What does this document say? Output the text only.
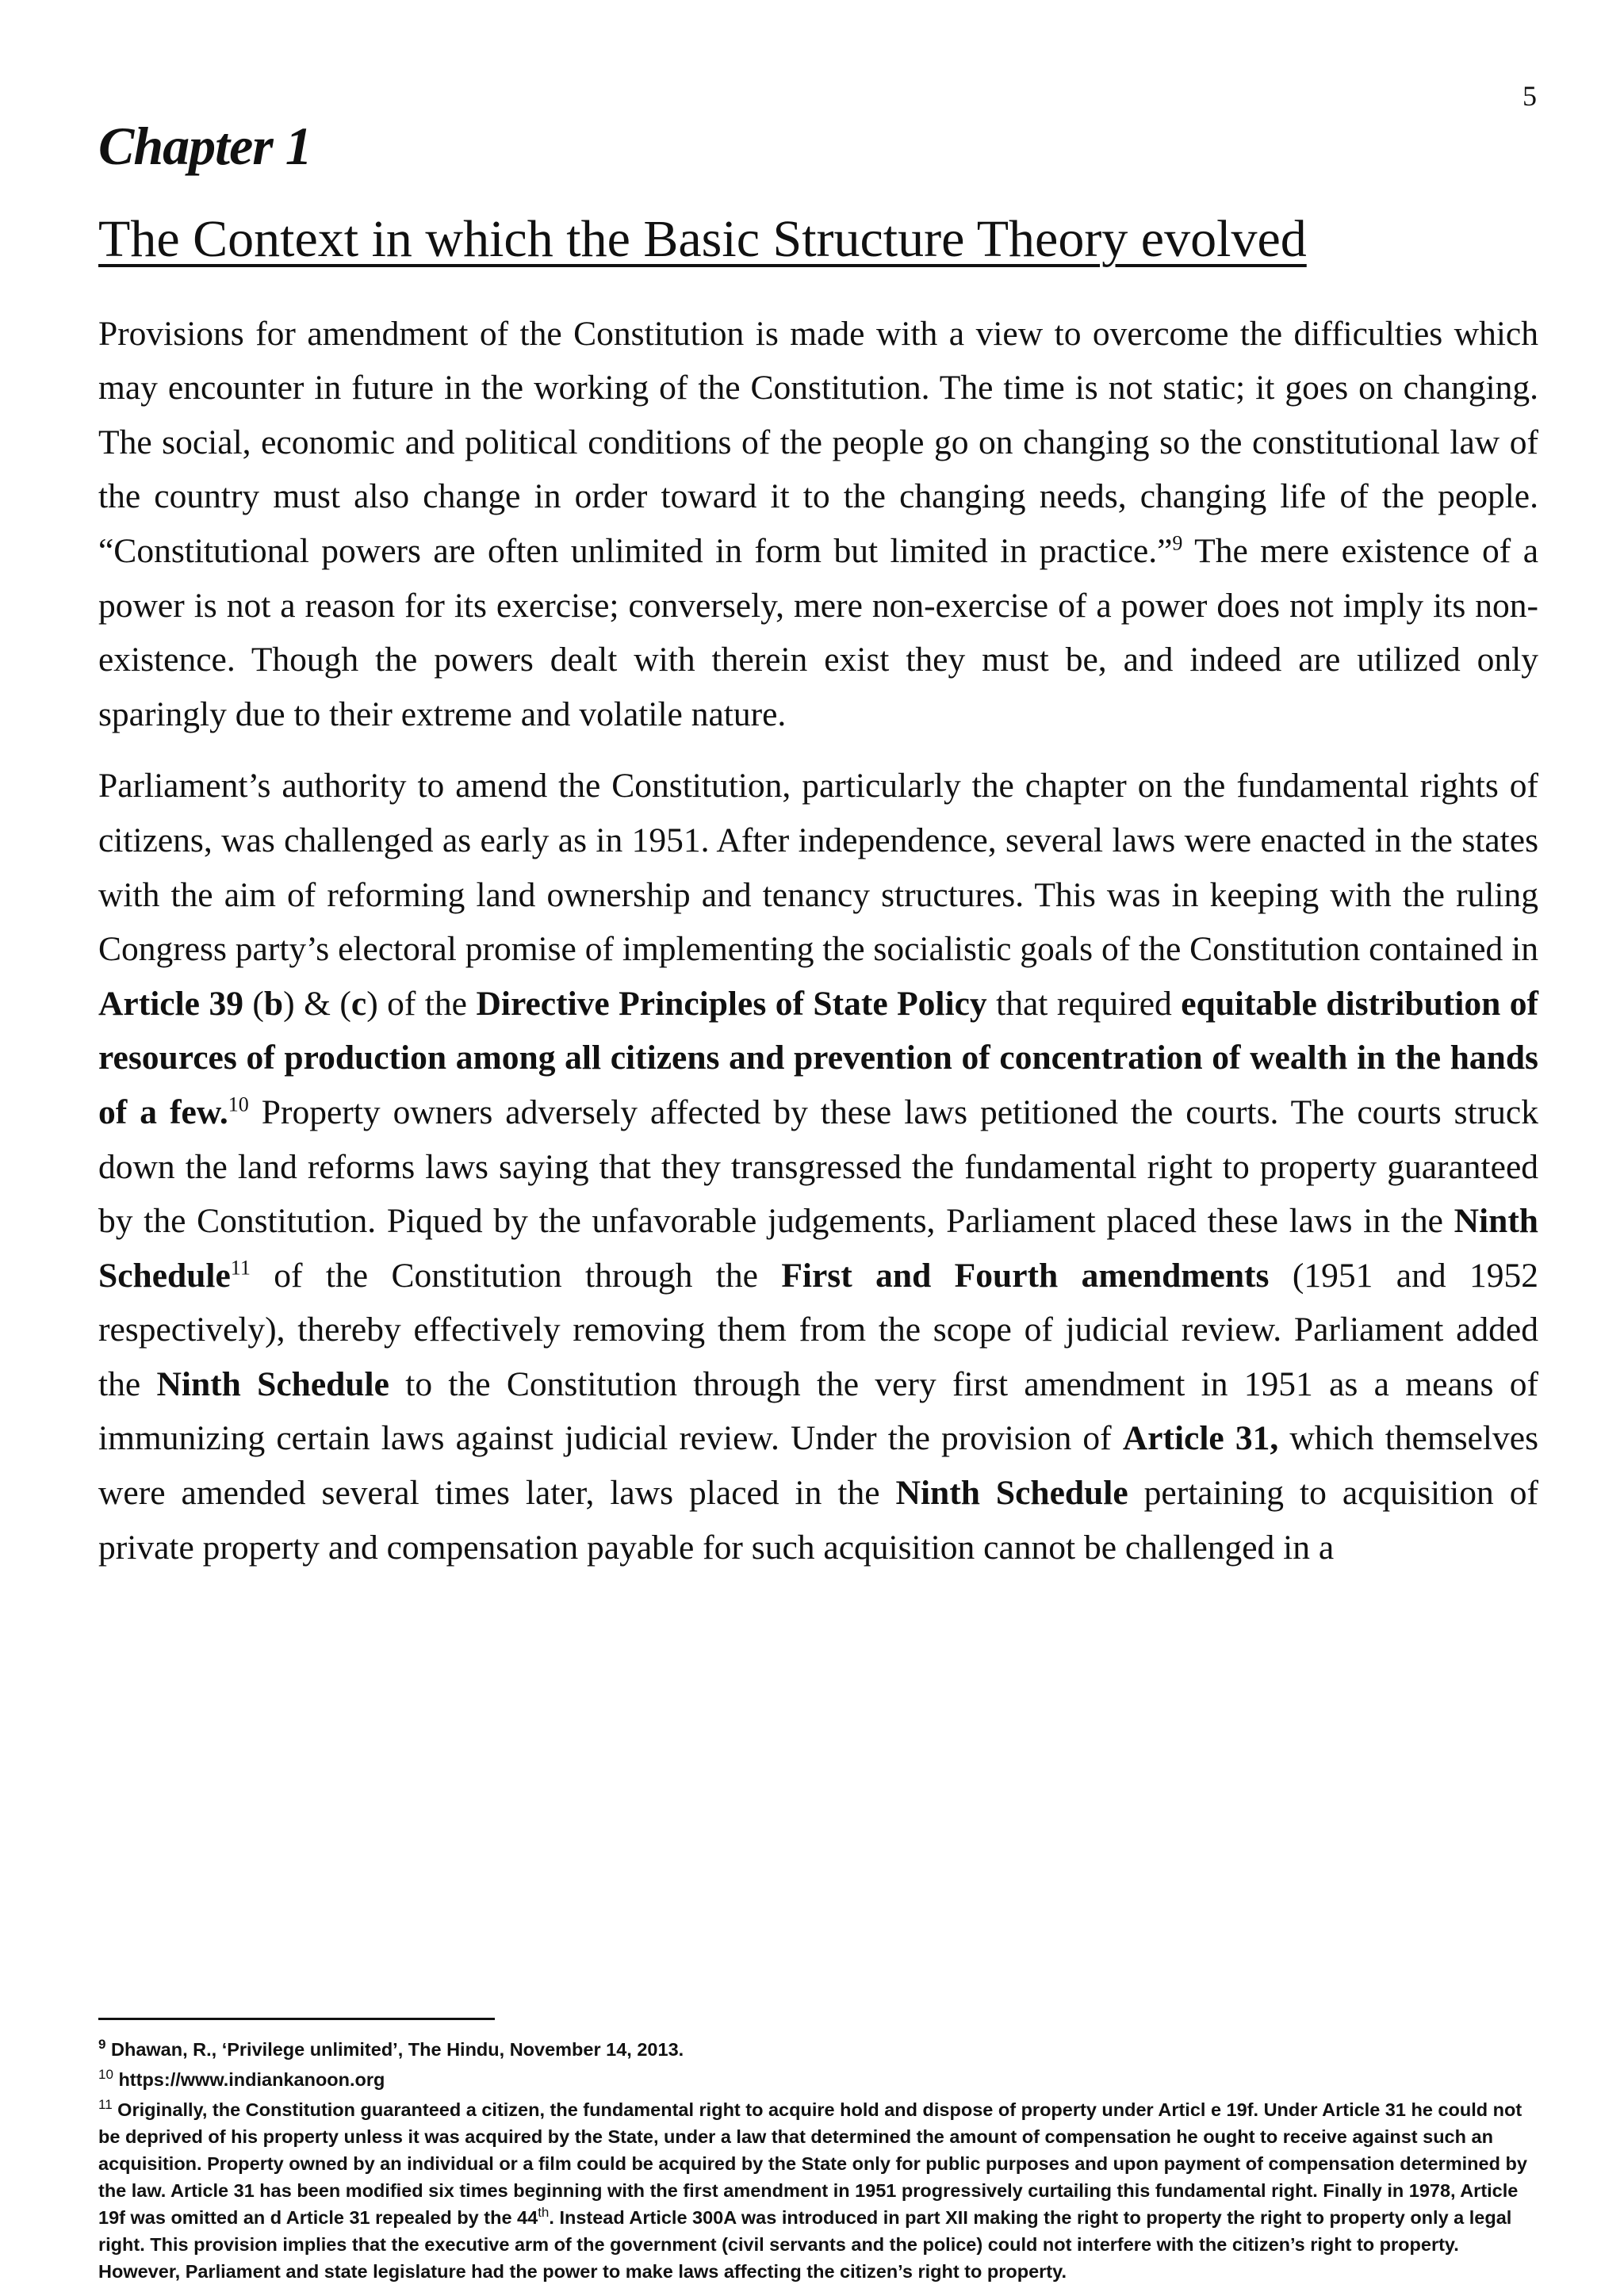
5
Chapter 1
The Context in which the Basic Structure Theory evolved

Provisions for amendment of the Constitution is made with a view to overcome the difficulties which may encounter in future in the working of the Constitution. The time is not static; it goes on changing. The social, economic and political conditions of the people go on changing so the constitutional law of the country must also change in order toward it to the changing needs, changing life of the people. “Constitutional powers are often unlimited in form but limited in practice.”$^9$ The mere existence of a power is not a reason for its exercise; conversely, mere non-exercise of a power does not imply its non-existence. Though the powers dealt with therein exist they must be, and indeed are utilized only sparingly due to their extreme and volatile nature.

Parliament’s authority to amend the Constitution, particularly the chapter on the fundamental rights of citizens, was challenged as early as in 1951. After independence, several laws were enacted in the states with the aim of reforming land ownership and tenancy structures. This was in keeping with the ruling Congress party’s electoral promise of implementing the socialistic goals of the Constitution contained in Article 39 (b) & (c) of the Directive Principles of State Policy that required equitable distribution of resources of production among all citizens and prevention of concentration of wealth in the hands of a few.$^{10}$ Property owners adversely affected by these laws petitioned the courts. The courts struck down the land reforms laws saying that they transgressed the fundamental right to property guaranteed by the Constitution. Piqued by the unfavorable judgements, Parliament placed these laws in the Ninth Schedule$^{11}$ of the Constitution through the First and Fourth amendments (1951 and 1952 respectively), thereby effectively removing them from the scope of judicial review. Parliament added the Ninth Schedule to the Constitution through the very first amendment in 1951 as a means of immunizing certain laws against judicial review. Under the provision of Article 31, which themselves were amended several times later, laws placed in the Ninth Schedule pertaining to acquisition of private property and compensation payable for such acquisition cannot be challenged in a

$^9$ Dhawan, R., ‘Privilege unlimited’, The Hindu, November 14, 2013.

$^{10}$ https://www.indiankanoon.org

$^{11}$ Originally, the Constitution guaranteed a citizen, the fundamental right to acquire hold and dispose of property under Articl e 19f. Under Article 31 he could not be deprived of his property unless it was acquired by the State, under a law that determined the amount of compensation he ought to receive against such an acquisition. Property owned by an individual or a film could be acquired by the State only for public purposes and upon payment of compensation determined by the law. Article 31 has been modified six times beginning with the first amendment in 1951 progressively curtailing this fundamental right. Finally in 1978, Article 19f was omitted an d Article 31 repealed by the 44th. Instead Article 300A was introduced in part XII making the right to property the right to property only a legal right. This provision implies that the executive arm of the government (civil servants and the police) could not interfere with the citizen’s right to property. However, Parliament and state legislature had the power to make laws affecting the citizen’s right to property.
